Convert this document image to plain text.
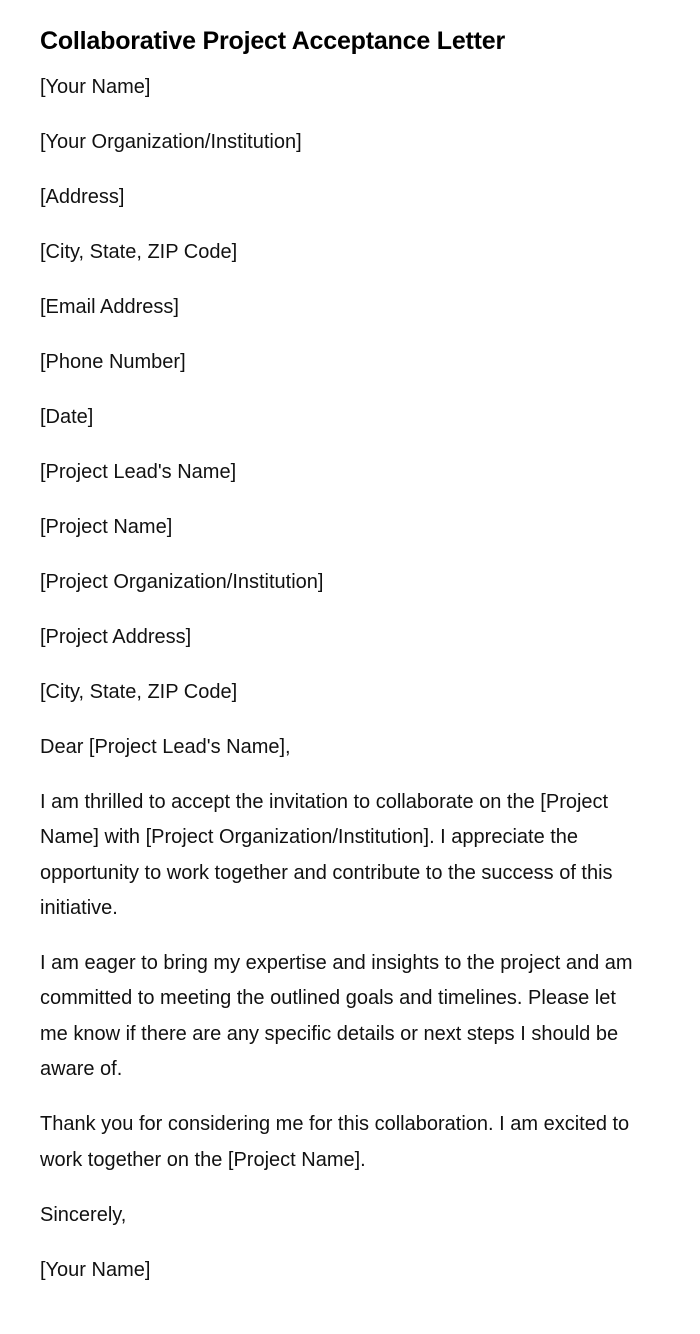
Collaborative Project Acceptance Letter
[Your Name]
[Your Organization/Institution]
[Address]
[City, State, ZIP Code]
[Email Address]
[Phone Number]
[Date]
[Project Lead's Name]
[Project Name]
[Project Organization/Institution]
[Project Address]
[City, State, ZIP Code]
Dear [Project Lead's Name],

I am thrilled to accept the invitation to collaborate on the [Project Name] with [Project Organization/Institution]. I appreciate the opportunity to work together and contribute to the success of this initiative.

I am eager to bring my expertise and insights to the project and am committed to meeting the outlined goals and timelines. Please let me know if there are any specific details or next steps I should be aware of.

Thank you for considering me for this collaboration. I am excited to work together on the [Project Name].

Sincerely,
[Your Name]
